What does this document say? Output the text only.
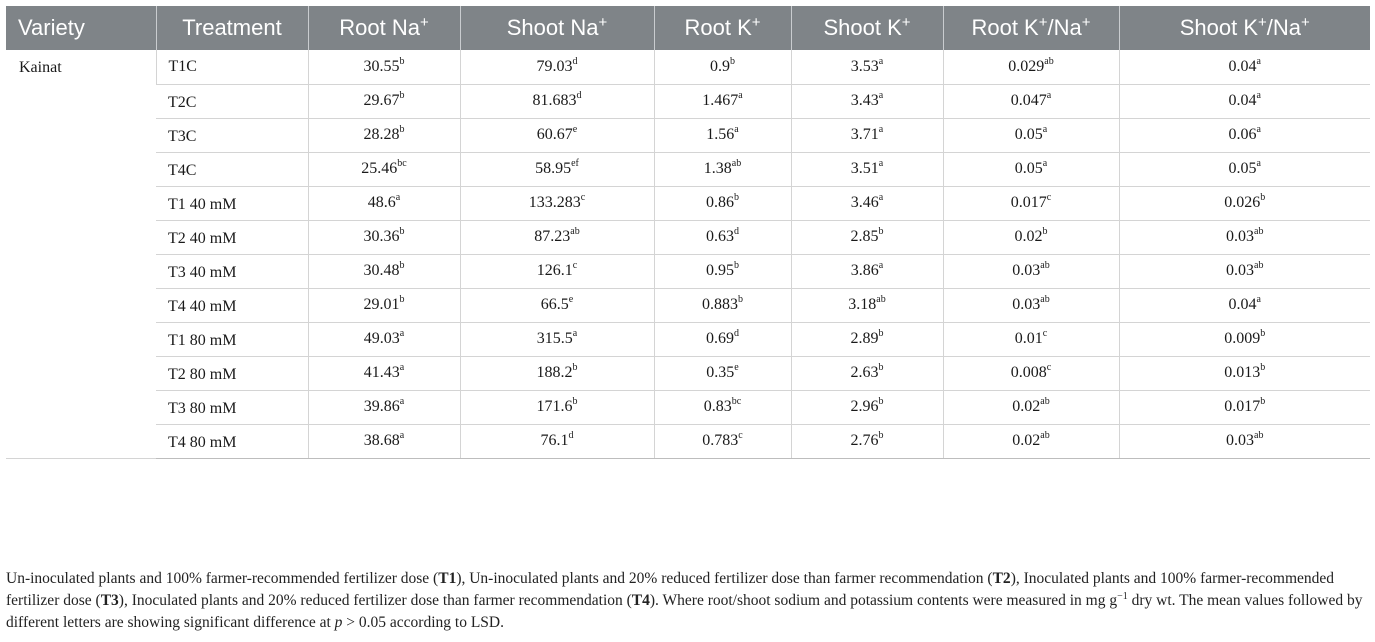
Variety	Treatment	Root Na+	Shoot Na+	Root K+	Shoot K+	Root K+/Na+	Shoot K+/Na+
Kainat	T1C	30.55$^b$	79.03$^d$	0.9$^b$	3.53$^a$	0.029$^{ab}$	0.04$^a$
	T2C	29.67$^b$	81.683$^d$	1.467$^a$	3.43$^a$	0.047$^a$	0.04$^a$
	T3C	28.28$^b$	60.67e	1.56$^a$	3.71$^a$	0.05$^a$	0.06$^a$
	T4C	25.46$^{bc}$	58.95$^{ef}$	1.38$^{ab}$	3.51$^a$	0.05$^a$	0.05$^a$
	T1 40 mM	48.6$^a$	133.283$^c$	0.86$^b$	3.46$^a$	0.017$^c$	0.026$^b$
	T2 40 mM	30.36$^b$	87.23$^{ab}$	0.63$^d$	2.85$^b$	0.02$^b$	0.03$^{ab}$
	T3 40 mM	30.48$^b$	126.1$^c$	0.95$^b$	3.86$^a$	0.03$^{ab}$	0.03$^{ab}$
	T4 40 mM	29.01$^b$	66.5e	0.883$^b$	3.18$^{ab}$	0.03$^{ab}$	0.04$^a$
	T1 80 mM	49.03$^a$	315.5$^a$	0.69$^d$	2.89$^b$	0.01$^c$	0.009$^b$
	T2 80 mM	41.43$^a$	188.2$^b$	0.35e	2.63$^b$	0.008$^c$	0.013$^b$
	T3 80 mM	39.86$^a$	171.6$^b$	0.83$^{bc}$	2.96$^b$	0.02$^{ab}$	0.017$^b$
	T4 80 mM	38.68$^a$	76.1$^d$	0.783$^c$	2.76$^b$	0.02$^{ab}$	0.03$^{ab}$
Un-inoculated plants and 100% farmer-recommended fertilizer dose (T1), Un-inoculated plants and 20% reduced fertilizer dose than farmer recommendation (T2), Inoculated plants and 100% farmer-recommended fertilizer dose (T3), Inoculated plants and 20% reduced fertilizer dose than farmer recommendation (T4). Where root/shoot sodium and potassium contents were measured in mg $g^{-1}$ dry wt. The mean values followed by different letters are showing significant difference at p > 0.05 according to LSD.
